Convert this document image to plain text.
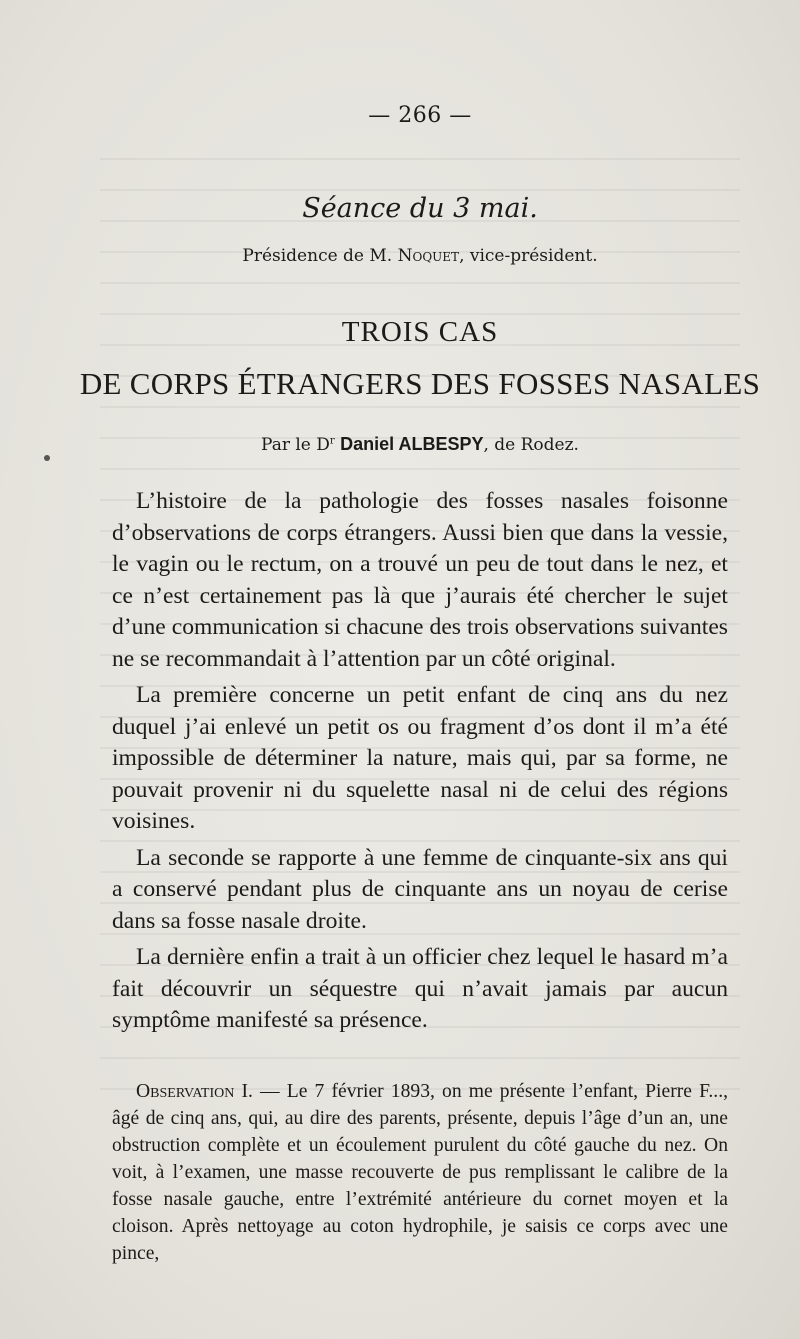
— 266 —
Séance du 3 mai.
Présidence de M. Noquet, vice-président.
TROIS CAS
DE CORPS ÉTRANGERS DES FOSSES NASALES
Par le $D^r$ Daniel ALBESPY, de Rodez.

L’histoire de la pathologie des fosses nasales foisonne d’observations de corps étrangers. Aussi bien que dans la vessie, le vagin ou le rectum, on a trouvé un peu de tout dans le nez, et ce n’est certainement pas là que j’aurais été chercher le sujet d’une communication si chacune des trois observations suivantes ne se recommandait à l’attention par un côté original.

La première concerne un petit enfant de cinq ans du nez duquel j’ai enlevé un petit os ou fragment d’os dont il m’a été impossible de déterminer la nature, mais qui, par sa forme, ne pouvait provenir ni du squelette nasal ni de celui des régions voisines.

La seconde se rapporte à une femme de cinquante-six ans qui a conservé pendant plus de cinquante ans un noyau de cerise dans sa fosse nasale droite.

La dernière enfin a trait à un officier chez lequel le hasard m’a fait découvrir un séquestre qui n’avait jamais par aucun symptôme manifesté sa présence.

Observation I. — Le 7 février 1893, on me présente l’enfant, Pierre F..., âgé de cinq ans, qui, au dire des parents, présente, depuis l’âge d’un an, une obstruction complète et un écoulement purulent du côté gauche du nez. On voit, à l’examen, une masse recouverte de pus remplissant le calibre de la fosse nasale gauche, entre l’extrémité antérieure du cornet moyen et la cloison. Après nettoyage au coton hydrophile, je saisis ce corps avec une pince,
